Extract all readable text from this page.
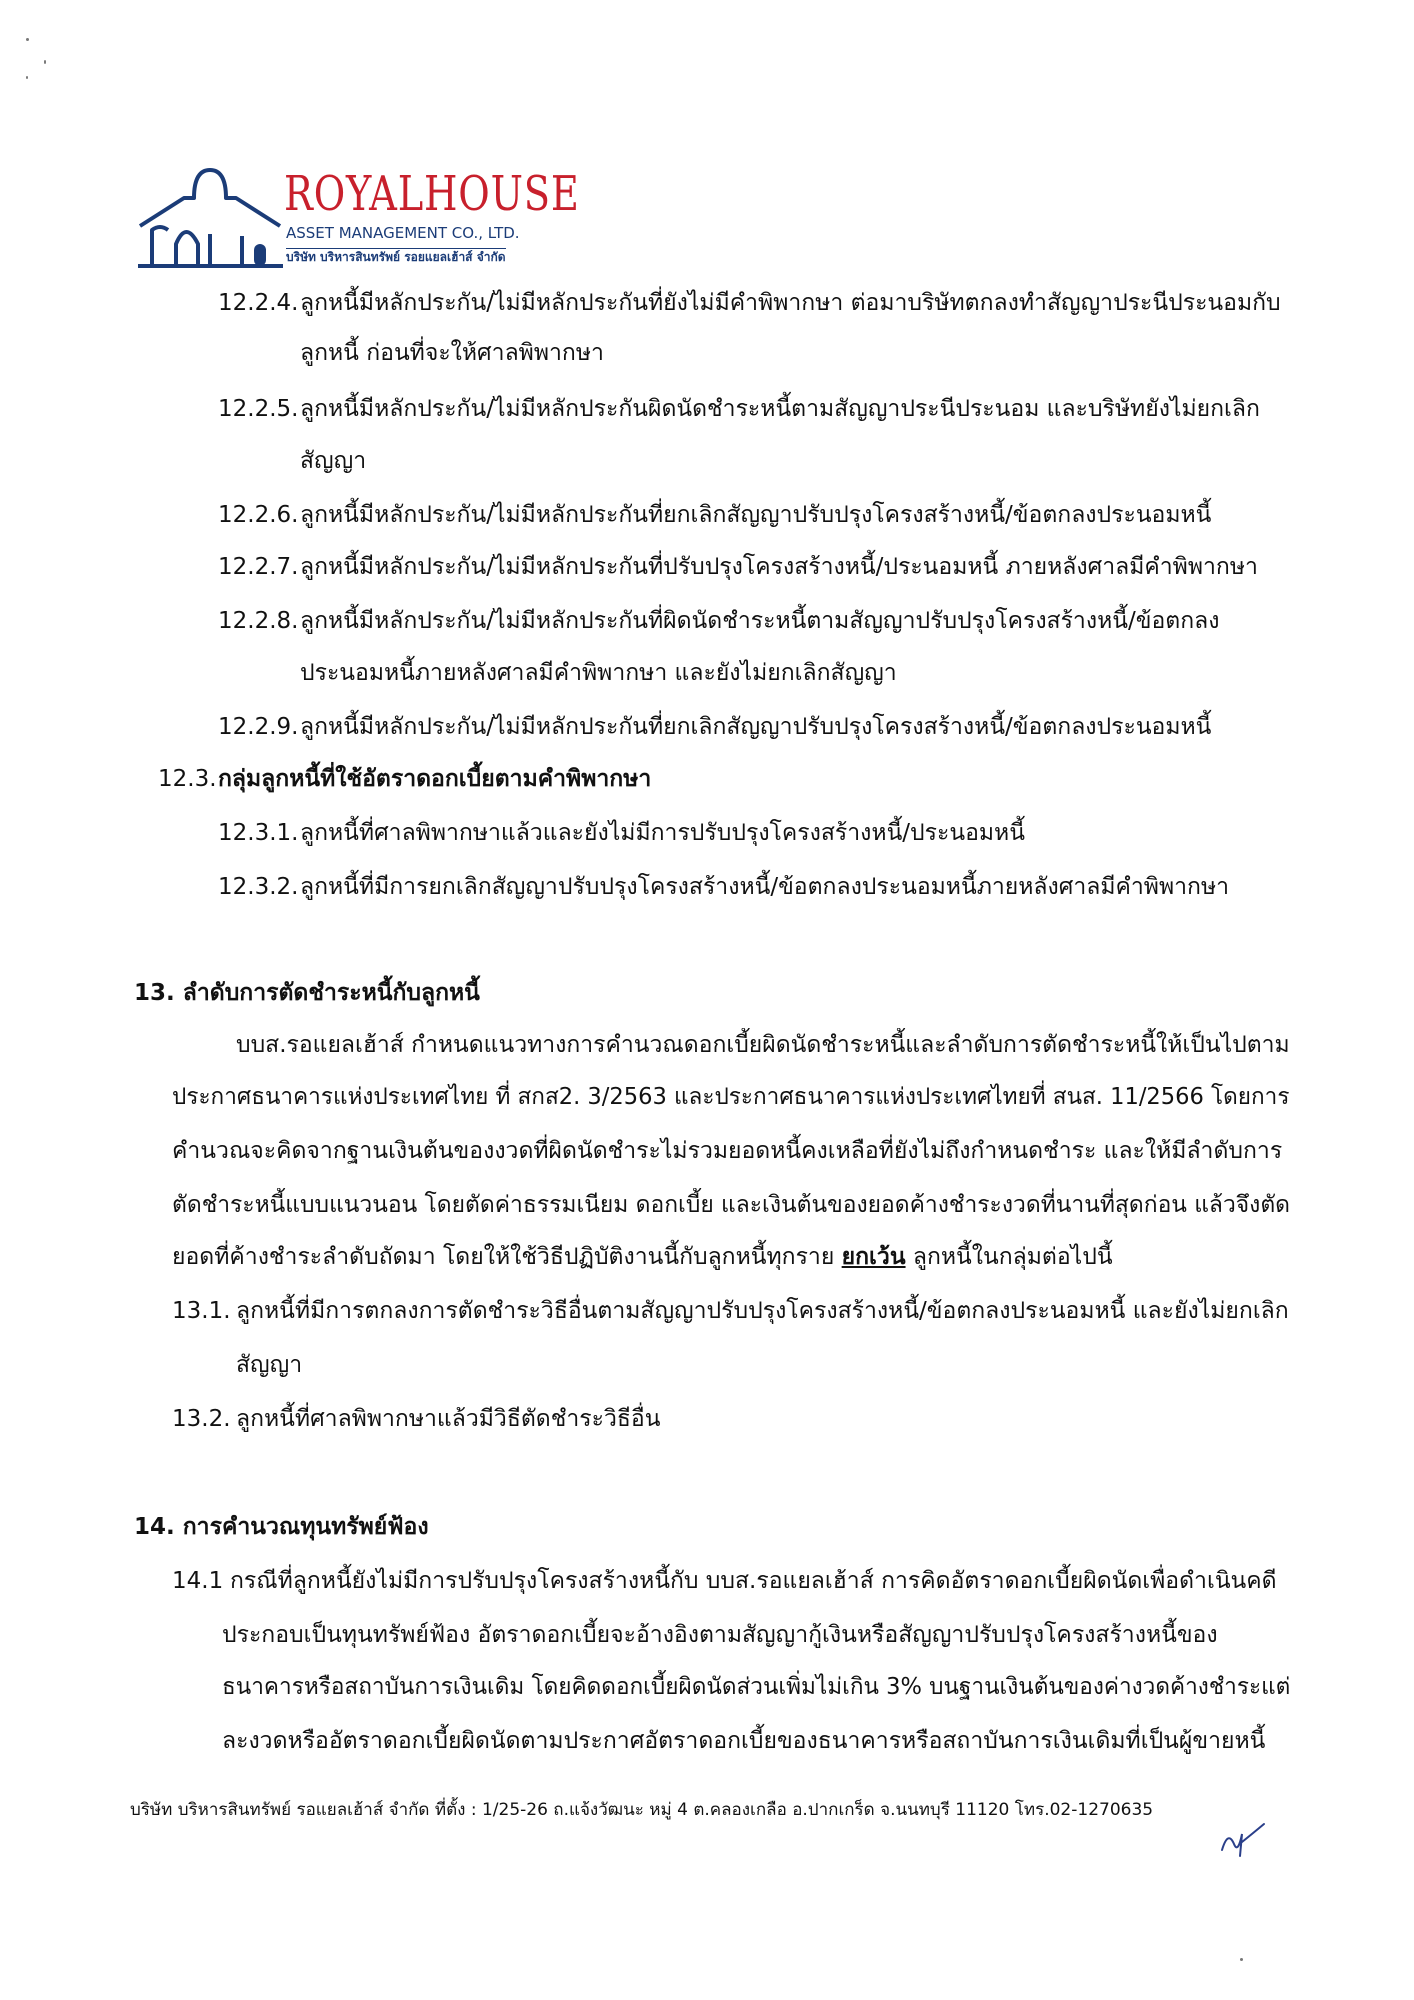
ROYALHOUSE
ASSET MANAGEMENT CO., LTD.
บริษัท บริหารสินทรัพย์ รอยแยลเฮ้าส์ จำกัด
12.2.4. ลูกหนี้มีหลักประกัน/ไม่มีหลักประกันที่ยังไม่มีคำพิพากษา ต่อมาบริษัทตกลงทำสัญญาประนีประนอมกับ
ลูกหนี้ ก่อนที่จะให้ศาลพิพากษา
12.2.5. ลูกหนี้มีหลักประกัน/ไม่มีหลักประกันผิดนัดชำระหนี้ตามสัญญาประนีประนอม และบริษัทยังไม่ยกเลิก
สัญญา
12.2.6. ลูกหนี้มีหลักประกัน/ไม่มีหลักประกันที่ยกเลิกสัญญาปรับปรุงโครงสร้างหนี้/ข้อตกลงประนอมหนี้
12.2.7. ลูกหนี้มีหลักประกัน/ไม่มีหลักประกันที่ปรับปรุงโครงสร้างหนี้/ประนอมหนี้ ภายหลังศาลมีคำพิพากษา
12.2.8. ลูกหนี้มีหลักประกัน/ไม่มีหลักประกันที่ผิดนัดชำระหนี้ตามสัญญาปรับปรุงโครงสร้างหนี้/ข้อตกลง
ประนอมหนี้ภายหลังศาลมีคำพิพากษา และยังไม่ยกเลิกสัญญา
12.2.9. ลูกหนี้มีหลักประกัน/ไม่มีหลักประกันที่ยกเลิกสัญญาปรับปรุงโครงสร้างหนี้/ข้อตกลงประนอมหนี้
12.3. กลุ่มลูกหนี้ที่ใช้อัตราดอกเบี้ยตามคำพิพากษา
12.3.1. ลูกหนี้ที่ศาลพิพากษาแล้วและยังไม่มีการปรับปรุงโครงสร้างหนี้/ประนอมหนี้
12.3.2. ลูกหนี้ที่มีการยกเลิกสัญญาปรับปรุงโครงสร้างหนี้/ข้อตกลงประนอมหนี้ภายหลังศาลมีคำพิพากษา
13. ลำดับการตัดชำระหนี้กับลูกหนี้
บบส.รอแยลเฮ้าส์ กำหนดแนวทางการคำนวณดอกเบี้ยผิดนัดชำระหนี้และลำดับการตัดชำระหนี้ให้เป็นไปตาม
ประกาศธนาคารแห่งประเทศไทย ที่ สกส2. 3/2563 และประกาศธนาคารแห่งประเทศไทยที่ สนส. 11/2566 โดยการ
คำนวณจะคิดจากฐานเงินต้นของงวดที่ผิดนัดชำระไม่รวมยอดหนี้คงเหลือที่ยังไม่ถึงกำหนดชำระ และให้มีลำดับการ
ตัดชำระหนี้แบบแนวนอน โดยตัดค่าธรรมเนียม ดอกเบี้ย และเงินต้นของยอดค้างชำระงวดที่นานที่สุดก่อน แล้วจึงตัด
ยอดที่ค้างชำระลำดับถัดมา โดยให้ใช้วิธีปฏิบัติงานนี้กับลูกหนี้ทุกราย ยกเว้น ลูกหนี้ในกลุ่มต่อไปนี้
13.1. ลูกหนี้ที่มีการตกลงการตัดชำระวิธีอื่นตามสัญญาปรับปรุงโครงสร้างหนี้/ข้อตกลงประนอมหนี้ และยังไม่ยกเลิก
สัญญา
13.2. ลูกหนี้ที่ศาลพิพากษาแล้วมีวิธีตัดชำระวิธีอื่น
14. การคำนวณทุนทรัพย์ฟ้อง
14.1 กรณีที่ลูกหนี้ยังไม่มีการปรับปรุงโครงสร้างหนี้กับ บบส.รอแยลเฮ้าส์ การคิดอัตราดอกเบี้ยผิดนัดเพื่อดำเนินคดี
ประกอบเป็นทุนทรัพย์ฟ้อง อัตราดอกเบี้ยจะอ้างอิงตามสัญญากู้เงินหรือสัญญาปรับปรุงโครงสร้างหนี้ของ
ธนาคารหรือสถาบันการเงินเดิม โดยคิดดอกเบี้ยผิดนัดส่วนเพิ่มไม่เกิน 3% บนฐานเงินต้นของค่างวดค้างชำระแต่
ละงวดหรืออัตราดอกเบี้ยผิดนัดตามประกาศอัตราดอกเบี้ยของธนาคารหรือสถาบันการเงินเดิมที่เป็นผู้ขายหนี้
บริษัท บริหารสินทรัพย์ รอแยลเฮ้าส์ จำกัด ที่ตั้ง : 1/25-26 ถ.แจ้งวัฒนะ หมู่ 4 ต.คลองเกลือ อ.ปากเกร็ด จ.นนทบุรี 11120 โทร.02-1270635
